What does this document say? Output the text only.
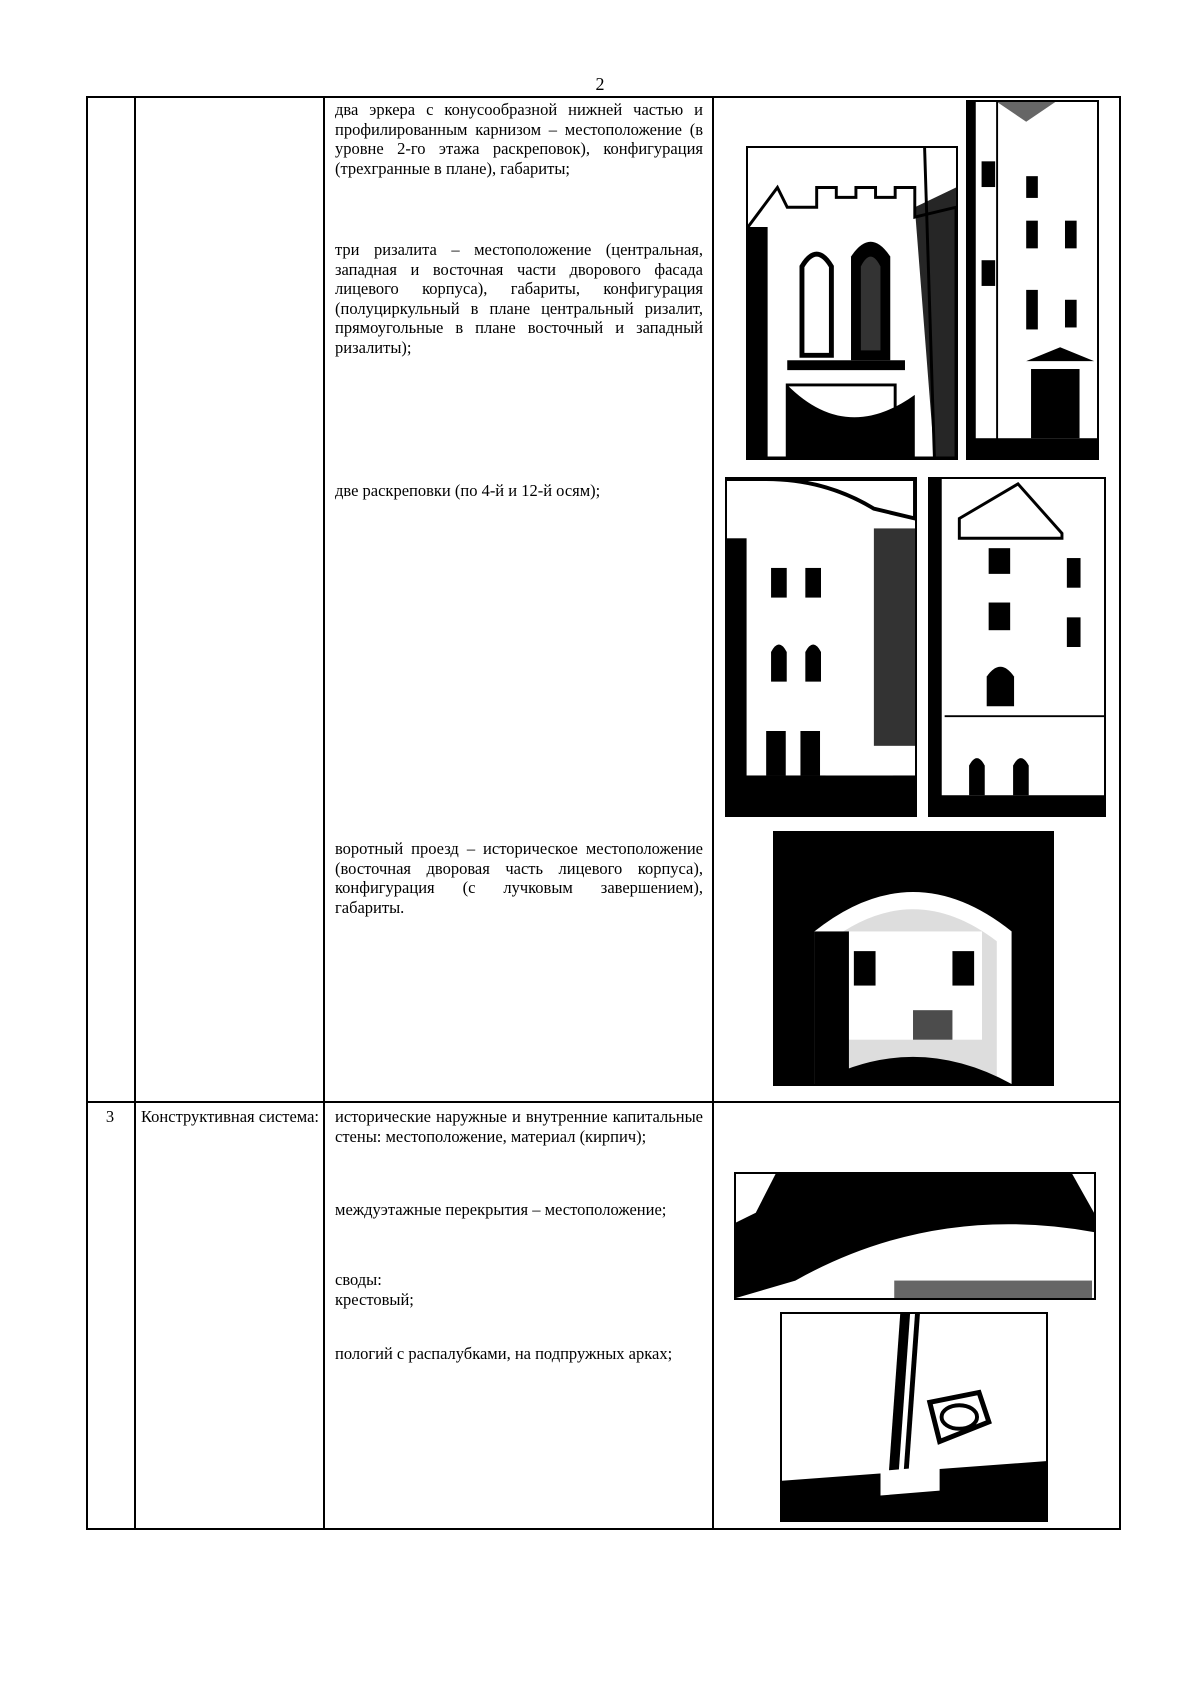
2
два эркера с конусообразной нижней частью и профилированным карнизом – местоположение (в уровне 2-го этажа раскреповок), конфигурация (трехгранные в плане), габариты;
три ризалита – местоположение (центральная, западная и восточная части дворового фасада лицевого корпуса), габариты, конфигурация (полуциркульный в плане центральный ризалит, прямоугольные в плане восточный и западный ризалиты);
две раскреповки (по 4-й и 12-й осям);
воротный проезд – историческое местоположение (восточная дворовая часть лицевого корпуса), конфигурация (с лучковым завершением), габариты.
3	Конструктивная система: исторические наружные и внутренние капитальные стены: местоположение, материал (кирпич);
междуэтажные перекрытия – местоположение;
своды:
крестовый;
пологий с распалубками, на подпружных арках;
